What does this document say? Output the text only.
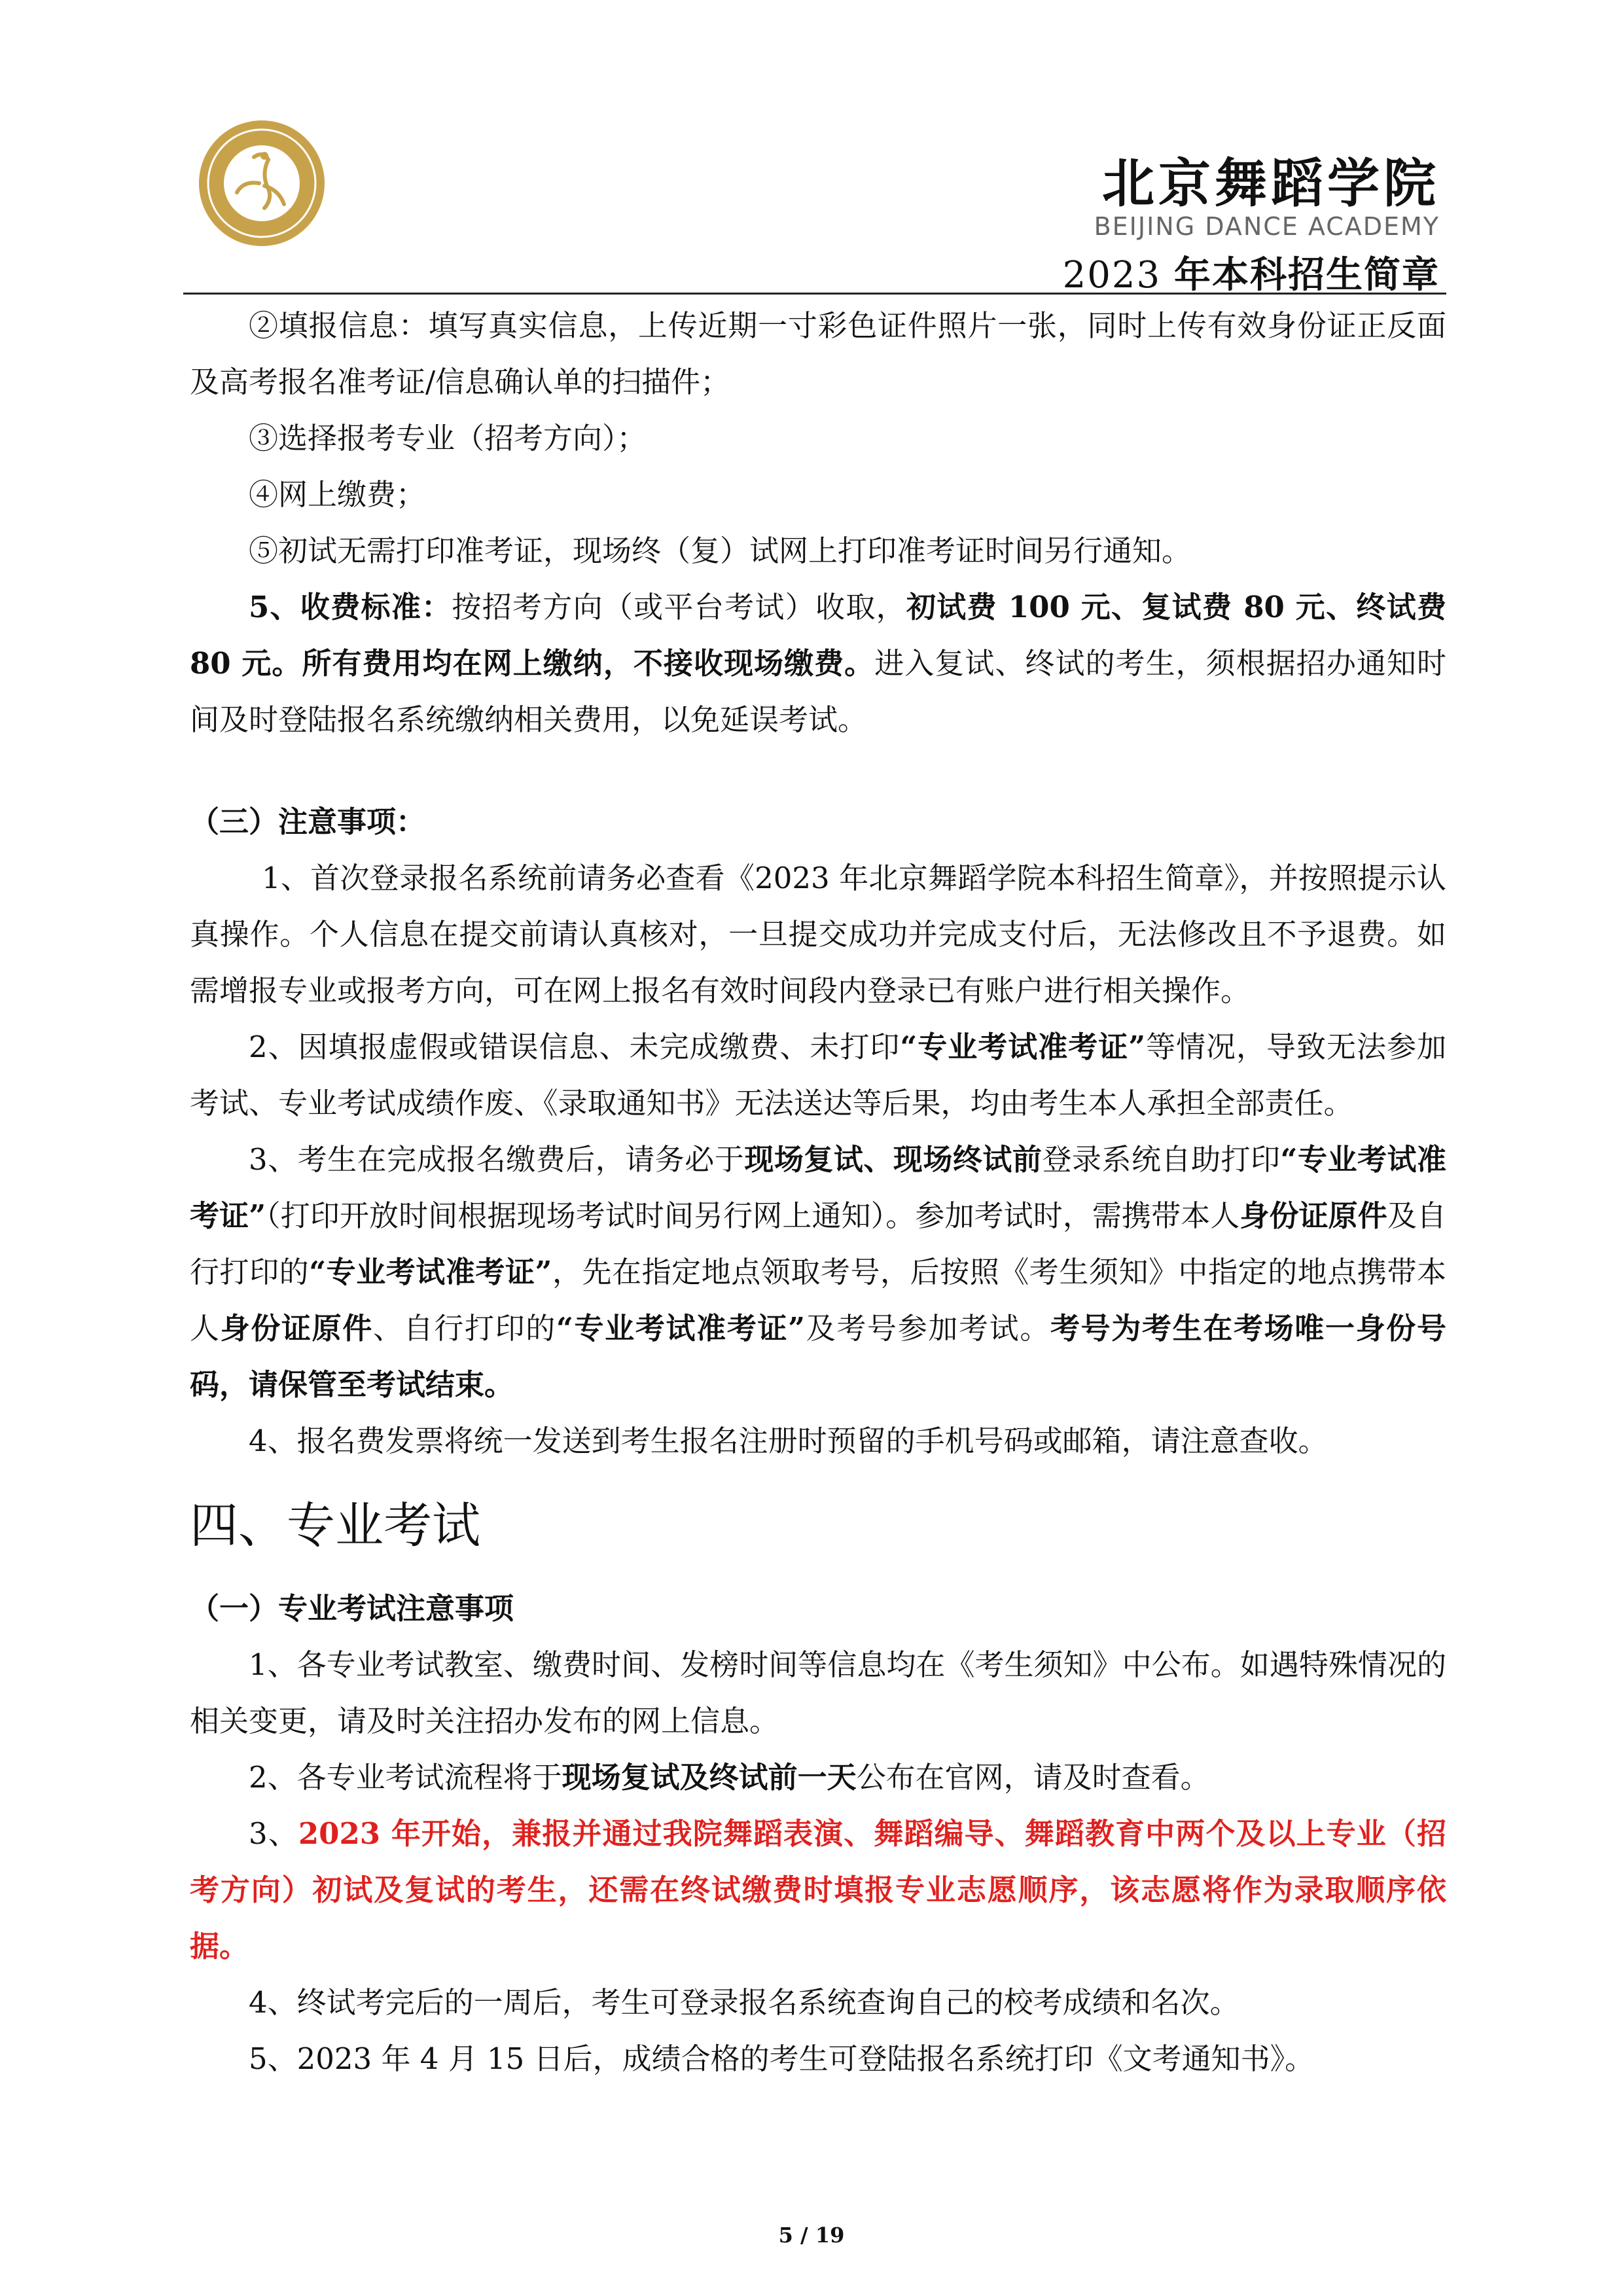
北京舞蹈学院
BEIJING DANCE ACADEMY
2023 年本科招生简章

②填报信息：填写真实信息，上传近期一寸彩色证件照片一张，同时上传有效身份证正反面及高考报名准考证/信息确认单的扫描件；

③选择报考专业（招考方向）；

④网上缴费；

⑤初试无需打印准考证，现场终（复）试网上打印准考证时间另行通知。

5、收费标准：按招考方向（或平台考试）收取，初试费 100 元、复试费 80 元、终试费 80 元。所有费用均在网上缴纳，不接收现场缴费。进入复试、终试的考生，须根据招办通知时间及时登陆报名系统缴纳相关费用，以免延误考试。

（三）注意事项：

1、首次登录报名系统前请务必查看《2023 年北京舞蹈学院本科招生简章》，并按照提示认真操作。个人信息在提交前请认真核对，一旦提交成功并完成支付后，无法修改且不予退费。如需增报专业或报考方向，可在网上报名有效时间段内登录已有账户进行相关操作。

2、因填报虚假或错误信息、未完成缴费、未打印“专业考试准考证”等情况，导致无法参加考试、专业考试成绩作废、《录取通知书》无法送达等后果，均由考生本人承担全部责任。

3、考生在完成报名缴费后，请务必于现场复试、现场终试前登录系统自助打印“专业考试准考证”（打印开放时间根据现场考试时间另行网上通知）。参加考试时，需携带本人身份证原件及自行打印的“专业考试准考证”，先在指定地点领取考号，后按照《考生须知》中指定的地点携带本人身份证原件、自行打印的“专业考试准考证”及考号参加考试。考号为考生在考场唯一身份号码，请保管至考试结束。

4、报名费发票将统一发送到考生报名注册时预留的手机号码或邮箱，请注意查收。

四、专业考试

（一）专业考试注意事项

1、各专业考试教室、缴费时间、发榜时间等信息均在《考生须知》中公布。如遇特殊情况的相关变更，请及时关注招办发布的网上信息。

2、各专业考试流程将于现场复试及终试前一天公布在官网，请及时查看。

3、2023 年开始，兼报并通过我院舞蹈表演、舞蹈编导、舞蹈教育中两个及以上专业（招考方向）初试及复试的考生，还需在终试缴费时填报专业志愿顺序，该志愿将作为录取顺序依据。

4、终试考完后的一周后，考生可登录报名系统查询自己的校考成绩和名次。

5、2023 年 4 月 15 日后，成绩合格的考生可登陆报名系统打印《文考通知书》。

5 / 19
